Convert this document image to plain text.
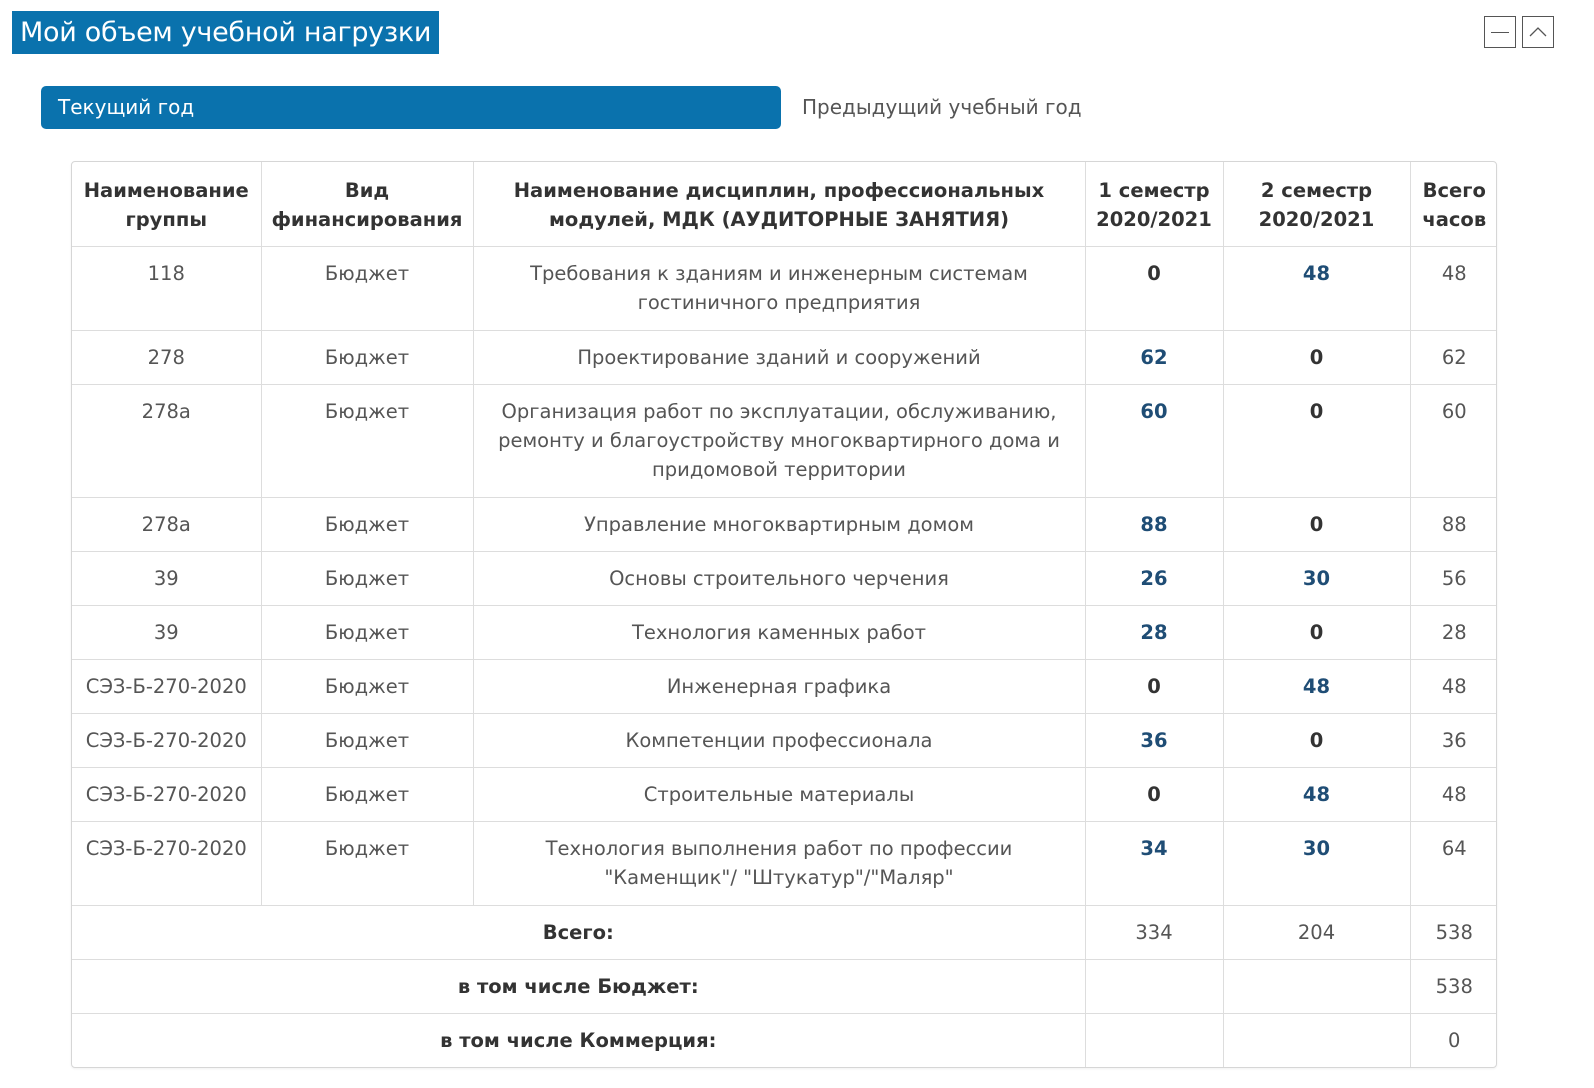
Мой объем учебной нагрузки
Текущий год	Предыдущий учебный год
Наименование группы	Вид финансирования	Наименование дисциплин, профессиональных модулей, МДК (АУДИТОРНЫЕ ЗАНЯТИЯ)	1 семестр 2020/2021	2 семестр 2020/2021	Всего часов
118	Бюджет	Требования к зданиям и инженерным системам гостиничного предприятия	0	48	48
278	Бюджет	Проектирование зданий и сооружений	62	0	62
278а	Бюджет	Организация работ по эксплуатации, обслуживанию, ремонту и благоустройству многоквартирного дома и придомовой территории	60	0	60
278а	Бюджет	Управление многоквартирным домом	88	0	88
39	Бюджет	Основы строительного черчения	26	30	56
39	Бюджет	Технология каменных работ	28	0	28
СЭЗ-Б-270-2020	Бюджет	Инженерная графика	0	48	48
СЭЗ-Б-270-2020	Бюджет	Компетенции профессионала	36	0	36
СЭЗ-Б-270-2020	Бюджет	Строительные материалы	0	48	48
СЭЗ-Б-270-2020	Бюджет	Технология выполнения работ по профессии "Каменщик"/ "Штукатур"/"Маляр"	34	30	64
Всего:			334	204	538
в том числе Бюджет:					538
в том числе Коммерция:					0
